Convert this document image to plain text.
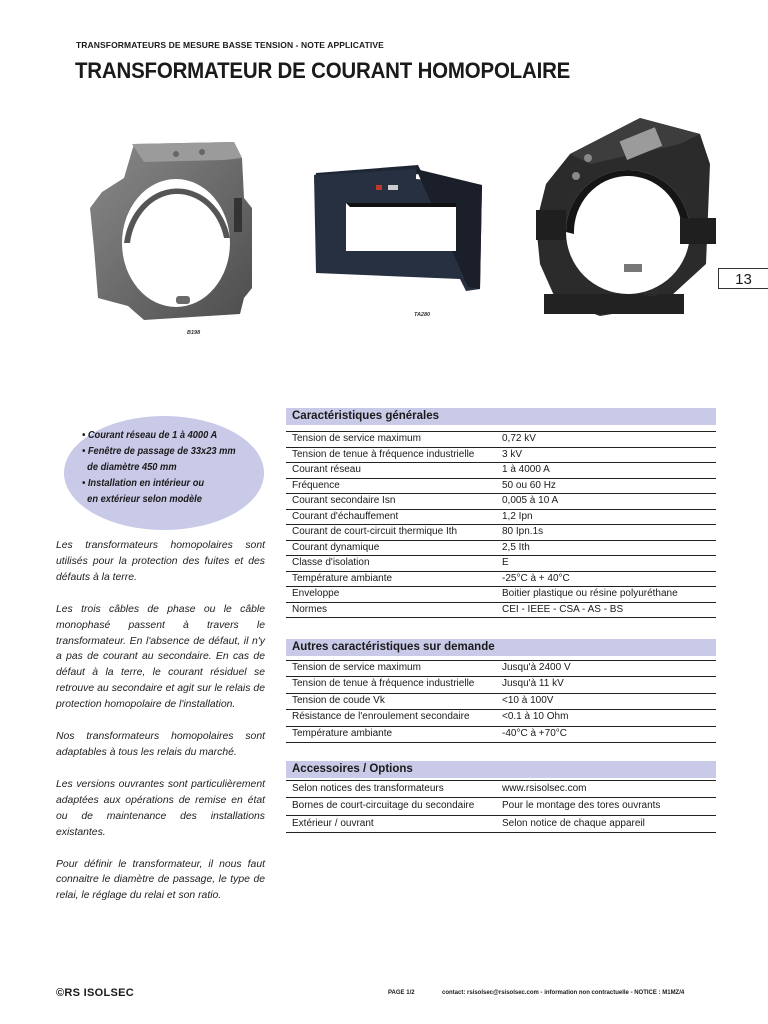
TRANSFORMATEURS DE MESURE BASSE TENSION - NOTE APPLICATIVE
TRANSFORMATEUR DE COURANT HOMOPOLAIRE
B198
TA280
P150
13
• Courant réseau de 1 à 4000 A
• Fenêtre de passage de 33x23 mm
de diamètre 450 mm
• Installation en intérieur ou
en extérieur selon modèle

Les transformateurs homopolaires sont utilisés pour la protection des fuites et des défauts à la terre.

Les trois câbles de phase ou le câble monophasé passent à travers le transformateur. En l'absence de défaut, il n'y a pas de courant au secondaire. En cas de défaut à la terre, le courant résiduel se retrouve au secondaire et agit sur le relais de protection homopolaire de l'installation.

Nos transformateurs homopolaires sont adaptables à tous les relais du marché.

Les versions ouvrantes sont particulièrement adaptées aux opérations de remise en état ou de maintenance des installations existantes.

Pour définir le transformateur, il nous faut connaitre le diamètre de passage, le type de relai, le réglage du relai et son ratio.

Caractéristiques générales
Tension de service maximum	0,72 kV
Tension de tenue à fréquence industrielle	3 kV
Courant réseau	1 à 4000 A
Fréquence	50 ou 60 Hz
Courant secondaire Isn	0,005 à 10 A
Courant d'échauffement	1,2 Ipn
Courant de court-circuit thermique Ith	80 Ipn.1s
Courant dynamique	2,5 Ith
Classe d'isolation	E
Température ambiante	-25°C à + 40°C
Enveloppe	Boitier plastique ou résine polyuréthane
Normes	CEI - IEEE - CSA - AS - BS
Autres caractéristiques sur demande
Tension de service maximum	Jusqu'à 2400 V
Tension de tenue à fréquence industrielle	Jusqu'à 11 kV
Tension de coude Vk	<10 à 100V
Résistance de l'enroulement secondaire	<0.1 à 10 Ohm
Température ambiante	-40°C à +70°C
Accessoires / Options
Selon notices des transformateurs	www.rsisolsec.com
Bornes de court-circuitage du secondaire	Pour le montage des tores ouvrants
Extérieur / ouvrant	Selon notice de chaque appareil
©RS ISOLSEC	PAGE 1/2	contact: rsisolsec@rsisolsec.com - information non contractuelle - NOTICE : M1MZ/4
